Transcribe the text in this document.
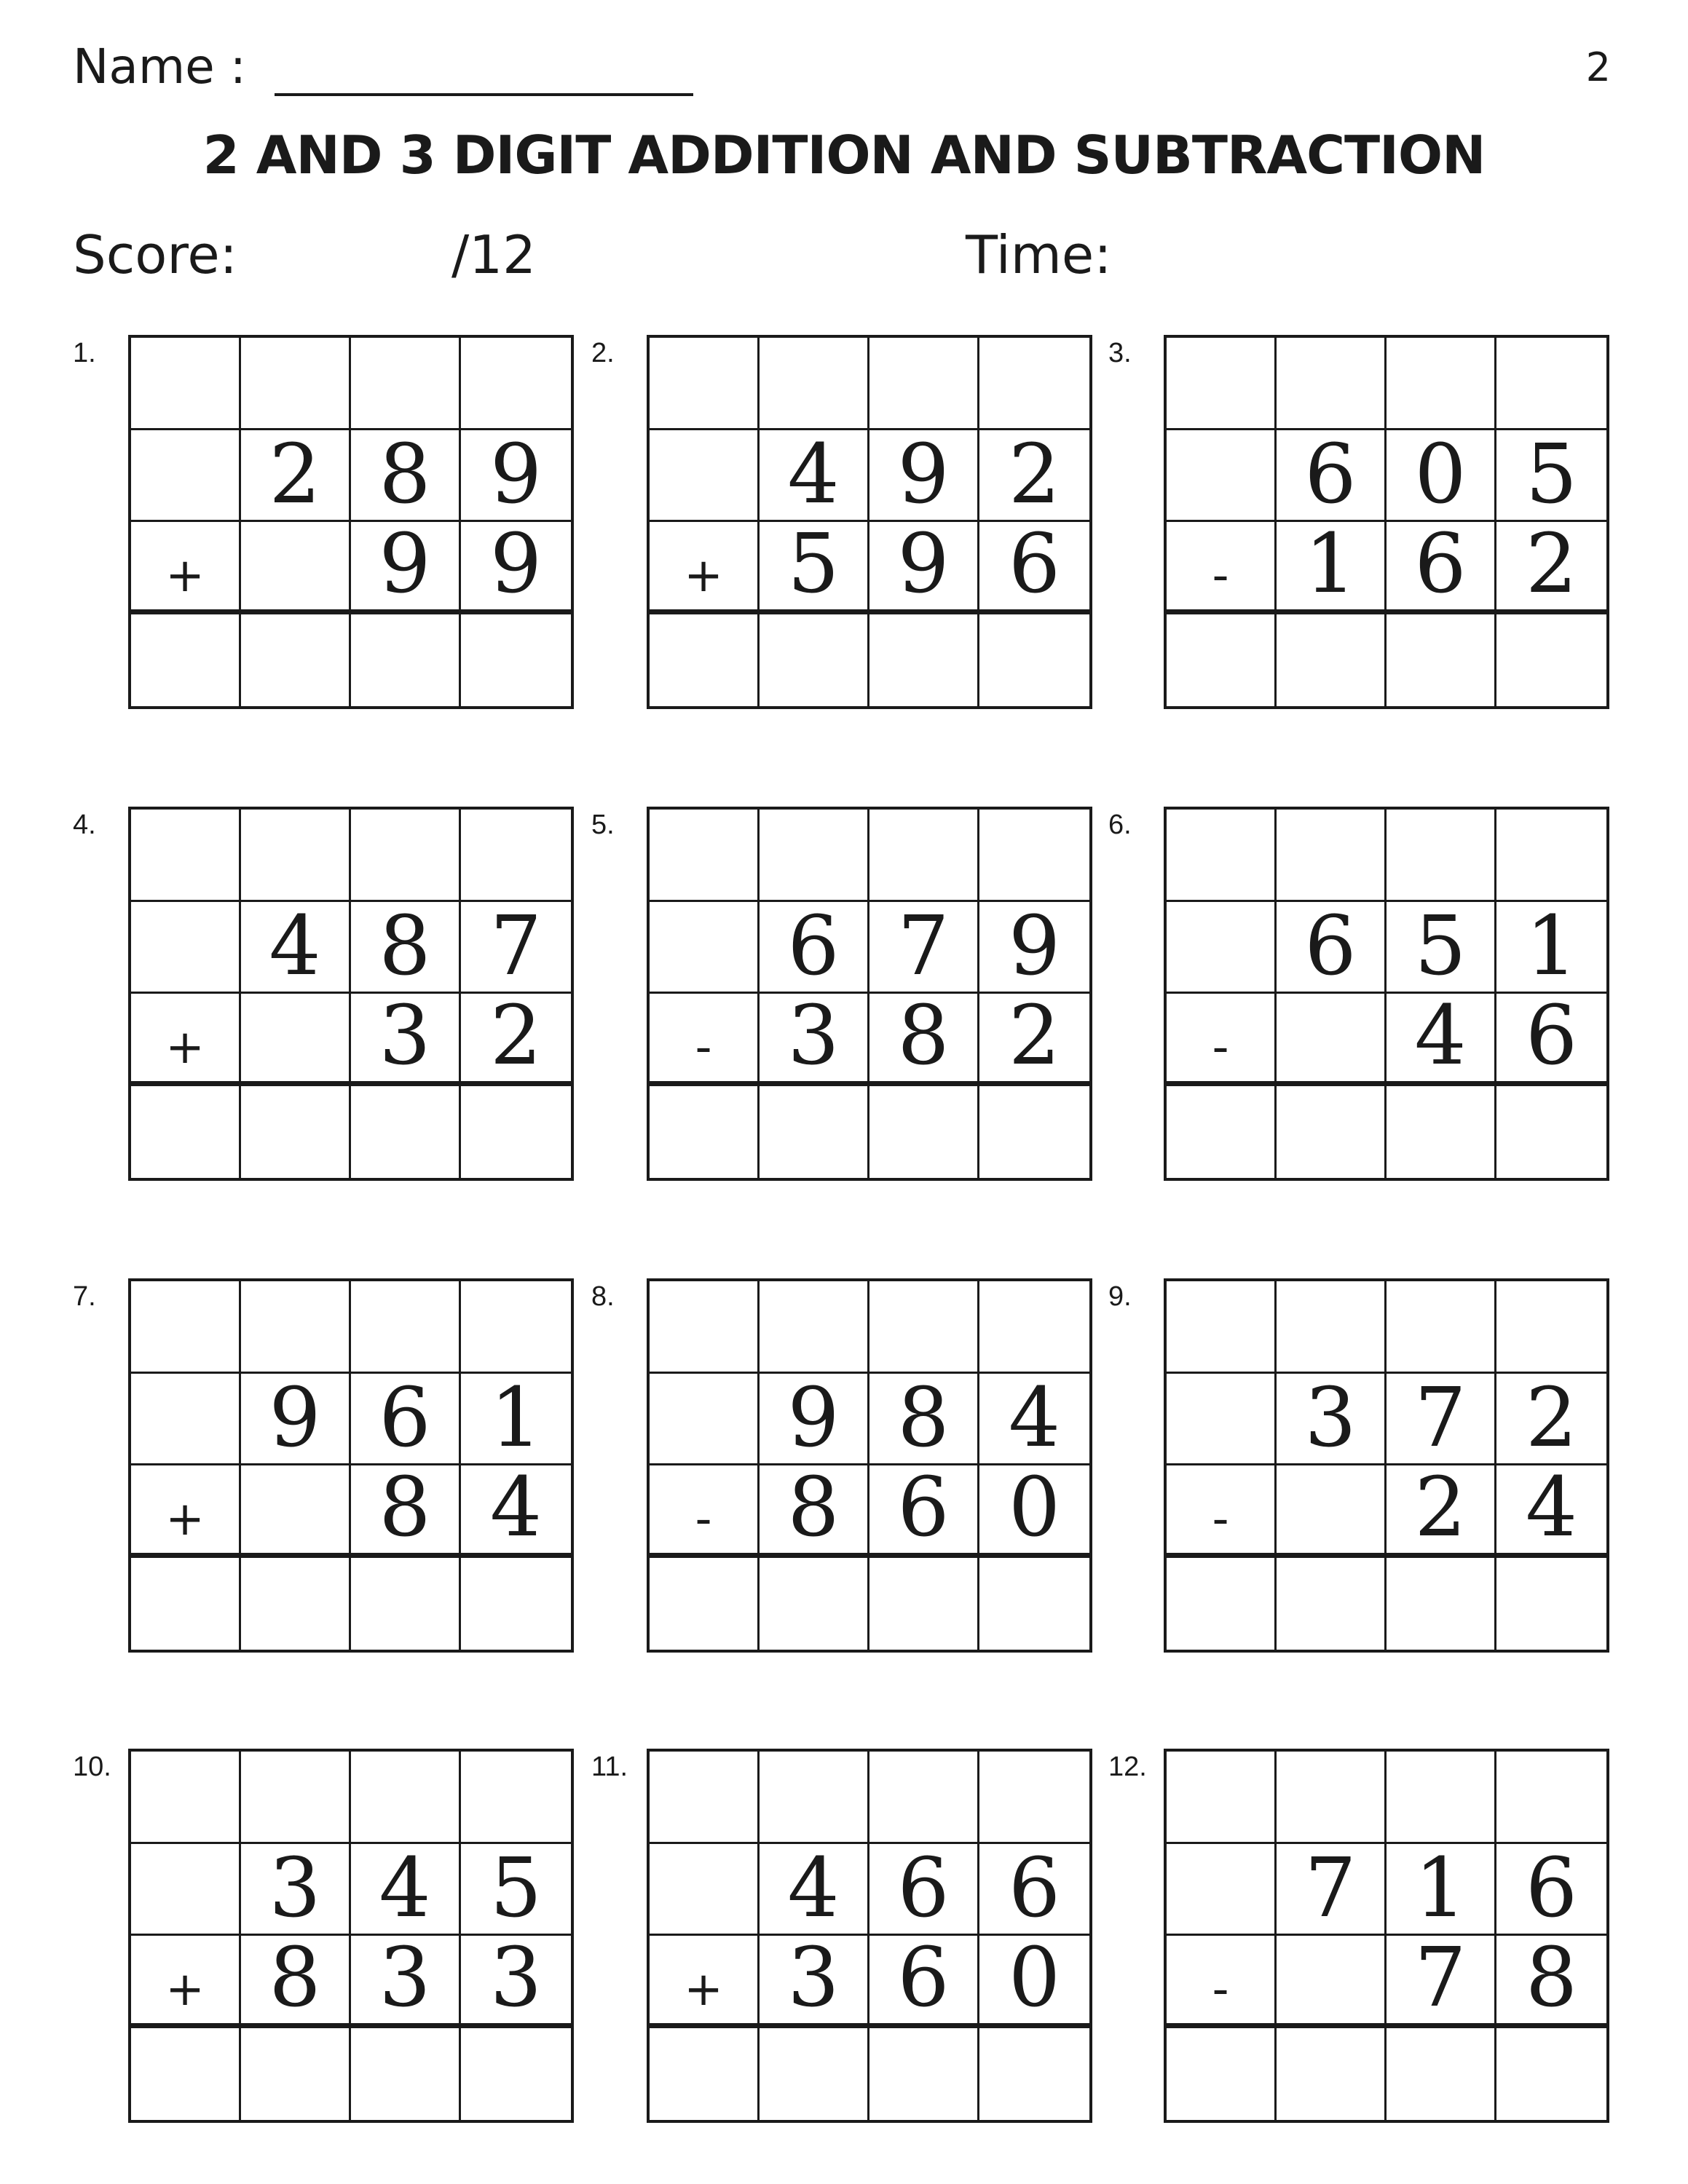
Name :	2
2 AND 3 DIGIT ADDITION AND SUBTRACTION
Score:	/12	Time:
1.
2 8 9
+	9 9
2.
4 9 2
+ 5 9 6
3.
6 0 5
- 1 6 2
4.
4 8 7
+	3 2
5.
6 7 9
- 3 8 2
6.
6 5 1
-	4 6
7.
9 6 1
+	8 4
8.
9 8 4
- 8 6 0
9.
3 7 2
-	2 4
10.
3 4 5
+ 8 3 3
11.
4 6 6
+ 3 6 0
12.
7 1 6
-	7 8
